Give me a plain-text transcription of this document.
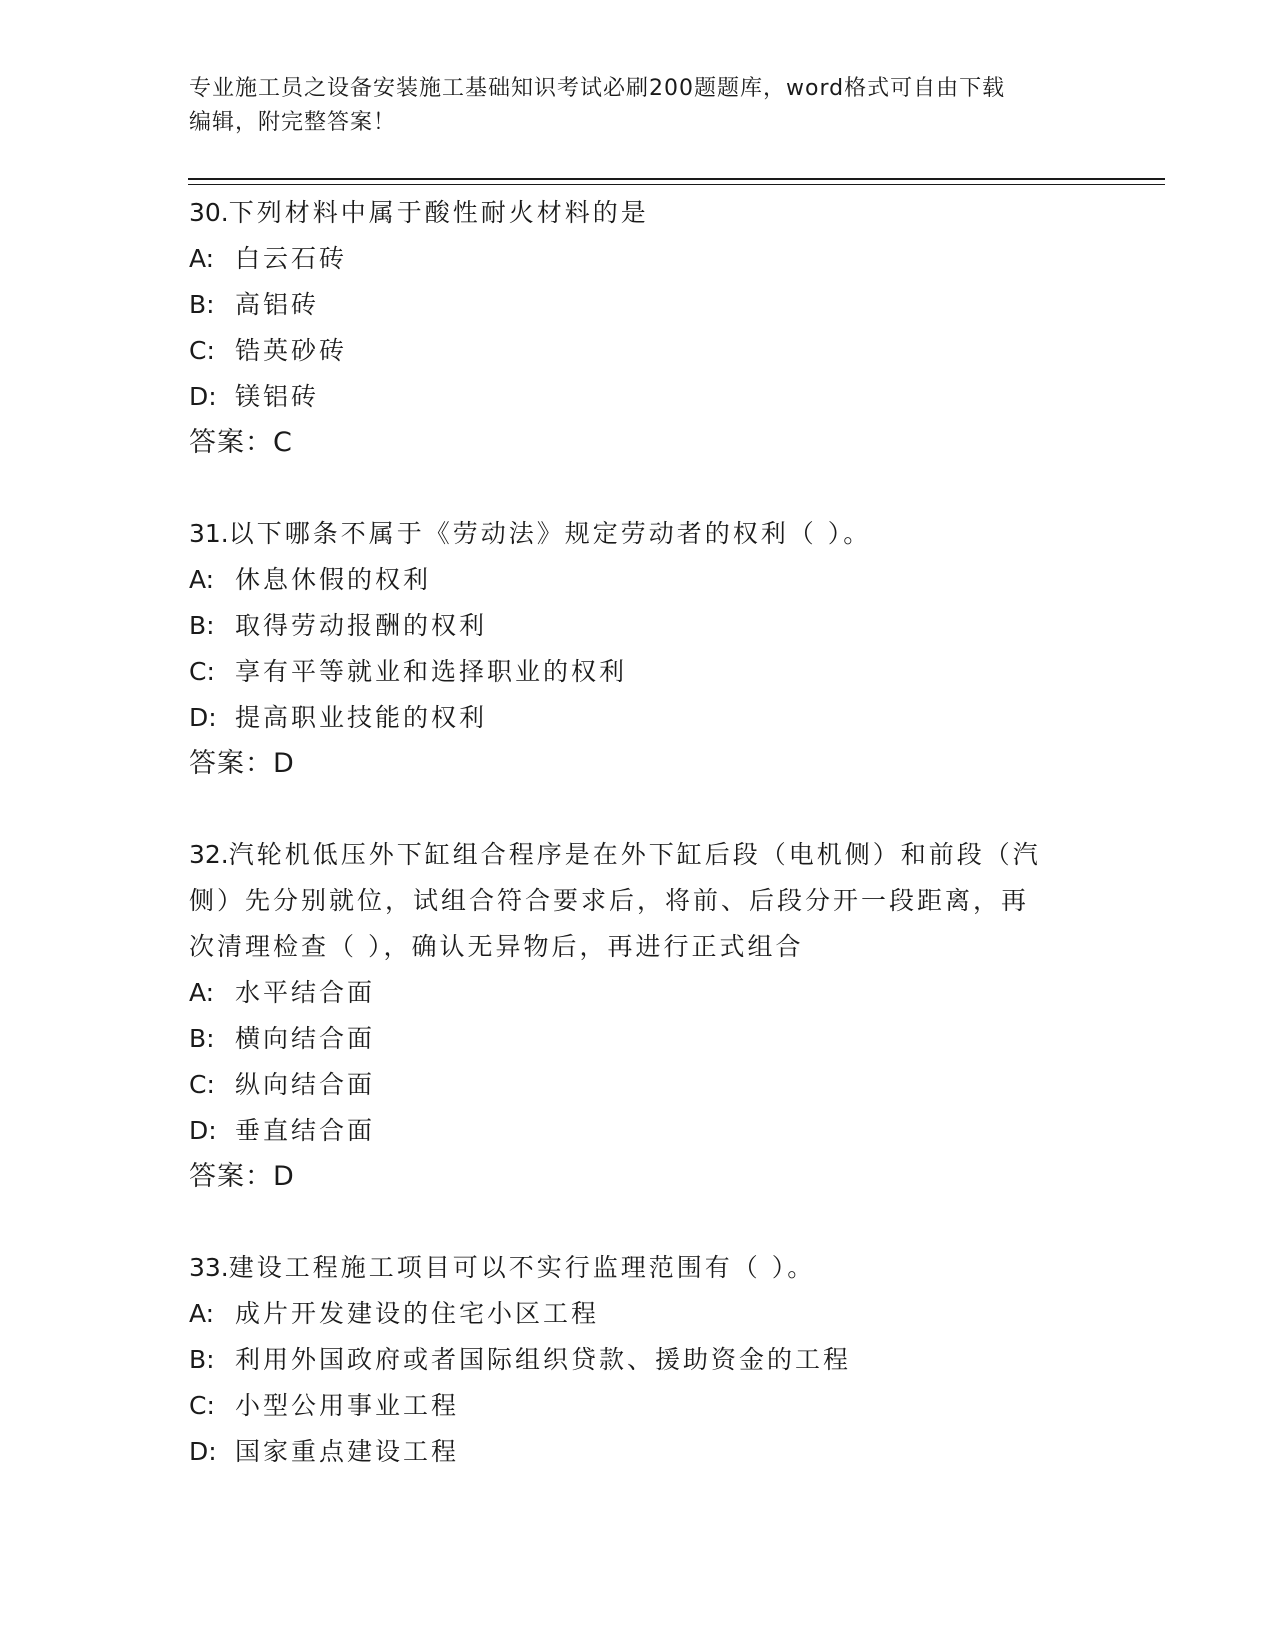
专业施工员之设备安装施工基础知识考试必刷200题题库，word格式可自由下载
编辑，附完整答案！
30.下列材料中属于酸性耐火材料的是
A: 白云石砖
B: 高铝砖
C: 锆英砂砖
D: 镁铝砖
答案：C
31.以下哪条不属于《劳动法》规定劳动者的权利（ ）。
A: 休息休假的权利
B: 取得劳动报酬的权利
C: 享有平等就业和选择职业的权利
D: 提高职业技能的权利
答案：D
32.汽轮机低压外下缸组合程序是在外下缸后段（电机侧）和前段（汽
侧）先分别就位，试组合符合要求后，将前、后段分开一段距离，再
次清理检查（ ），确认无异物后，再进行正式组合
A: 水平结合面
B: 横向结合面
C: 纵向结合面
D: 垂直结合面
答案：D
33.建设工程施工项目可以不实行监理范围有（ ）。
A: 成片开发建设的住宅小区工程
B: 利用外国政府或者国际组织贷款、援助资金的工程
C: 小型公用事业工程
D: 国家重点建设工程
